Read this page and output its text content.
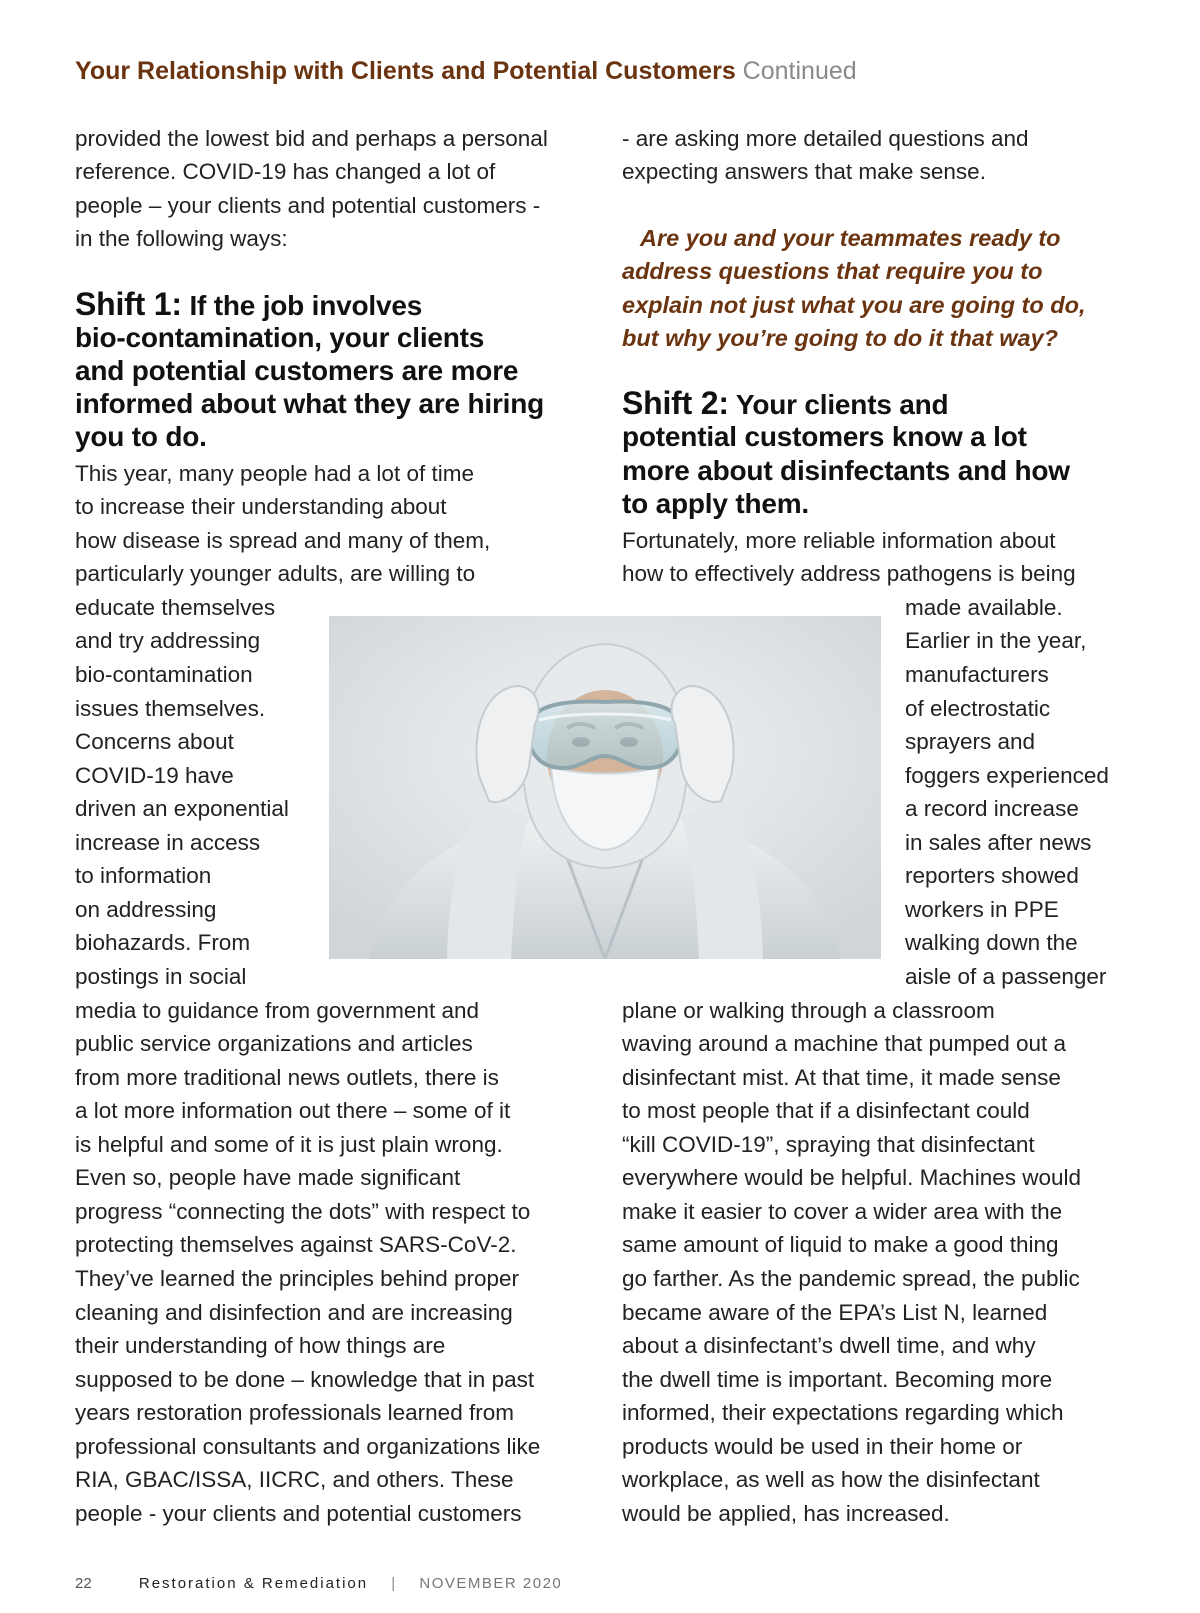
Your Relationship with Clients and Potential Customers Continued
provided the lowest bid and perhaps a personal
reference. COVID-19 has changed a lot of
people – your clients and potential customers -
in the following ways:
Shift 1: If the job involves
bio-contamination, your clients
and potential customers are more
informed about what they are hiring
you to do.
This year, many people had a lot of time
to increase their understanding about
how disease is spread and many of them,
particularly younger adults, are willing to
educate themselves
and try addressing
bio-contamination
issues themselves.
Concerns about
COVID-19 have
driven an exponential
increase in access
to information
on addressing
biohazards. From
postings in social
media to guidance from government and
public service organizations and articles
from more traditional news outlets, there is
a lot more information out there – some of it
is helpful and some of it is just plain wrong.
Even so, people have made significant
progress “connecting the dots” with respect to
protecting themselves against SARS-CoV-2.
They’ve learned the principles behind proper
cleaning and disinfection and are increasing
their understanding of how things are
supposed to be done – knowledge that in past
years restoration professionals learned from
professional consultants and organizations like
RIA, GBAC/ISSA, IICRC, and others. These
people - your clients and potential customers
- are asking more detailed questions and
expecting answers that make sense.
Are you and your teammates ready to
address questions that require you to
explain not just what you are going to do,
but why you’re going to do it that way?
Shift 2: Your clients and
potential customers know a lot
more about disinfectants and how
to apply them.
Fortunately, more reliable information about
how to effectively address pathogens is being
made available.
Earlier in the year,
manufacturers
of electrostatic
sprayers and
foggers experienced
a record increase
in sales after news
reporters showed
workers in PPE
walking down the
aisle of a passenger
plane or walking through a classroom
waving around a machine that pumped out a
disinfectant mist. At that time, it made sense
to most people that if a disinfectant could
“kill COVID-19”, spraying that disinfectant
everywhere would be helpful. Machines would
make it easier to cover a wider area with the
same amount of liquid to make a good thing
go farther. As the pandemic spread, the public
became aware of the EPA’s List N, learned
about a disinfectant’s dwell time, and why
the dwell time is important. Becoming more
informed, their expectations regarding which
products would be used in their home or
workplace, as well as how the disinfectant
would be applied, has increased.
22	Restoration & Remediation | NOVEMBER 2020
